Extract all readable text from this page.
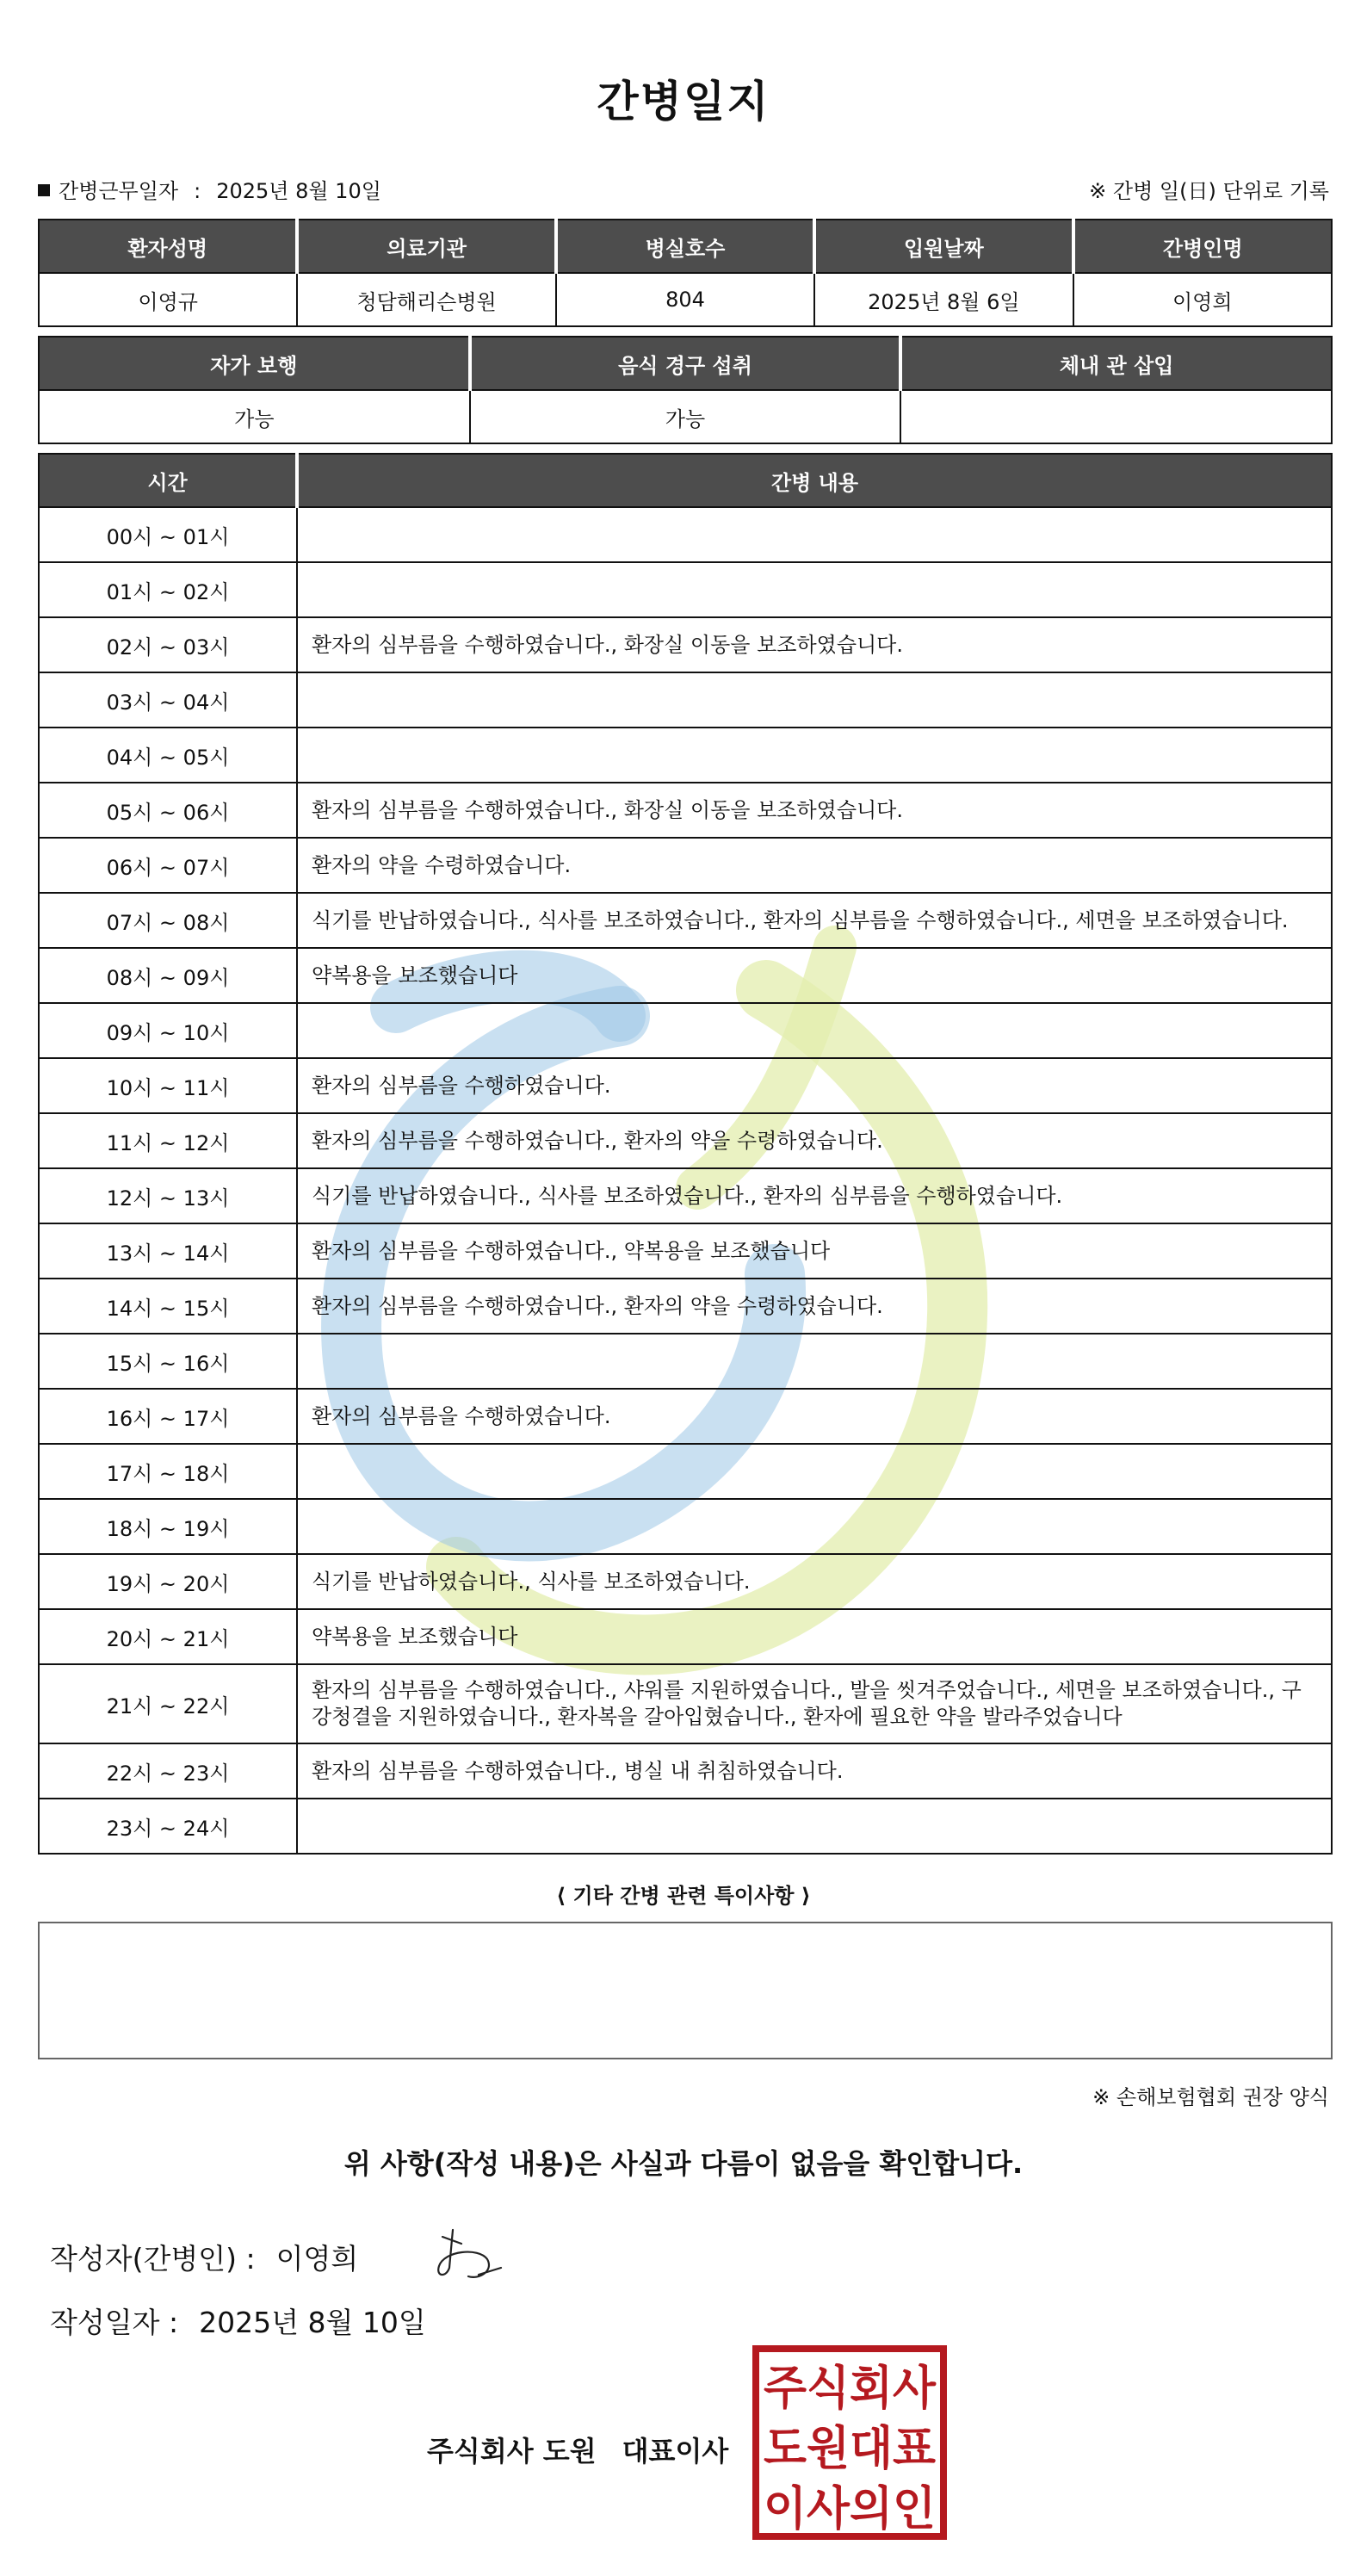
간병일지
간병근무일자 : 2025년 8월 10일	※ 간병 일(日) 단위로 기록
환자성명	의료기관	병실호수	입원날짜	간병인명
이영규	청담해리슨병원	804	2025년 8월 6일	이영희
자가 보행	음식 경구 섭취	체내 관 삽입
가능	가능	
시간	간병 내용
00시 ~ 01시	
01시 ~ 02시	
02시 ~ 03시	환자의 심부름을 수행하였습니다., 화장실 이동을 보조하였습니다.
03시 ~ 04시	
04시 ~ 05시	
05시 ~ 06시	환자의 심부름을 수행하였습니다., 화장실 이동을 보조하였습니다.
06시 ~ 07시	환자의 약을 수령하였습니다.
07시 ~ 08시	식기를 반납하였습니다., 식사를 보조하였습니다., 환자의 심부름을 수행하였습니다., 세면을 보조하였습니다.
08시 ~ 09시	약복용을 보조했습니다
09시 ~ 10시	
10시 ~ 11시	환자의 심부름을 수행하였습니다.
11시 ~ 12시	환자의 심부름을 수행하였습니다., 환자의 약을 수령하였습니다.
12시 ~ 13시	식기를 반납하였습니다., 식사를 보조하였습니다., 환자의 심부름을 수행하였습니다.
13시 ~ 14시	환자의 심부름을 수행하였습니다., 약복용을 보조했습니다
14시 ~ 15시	환자의 심부름을 수행하였습니다., 환자의 약을 수령하였습니다.
15시 ~ 16시	
16시 ~ 17시	환자의 심부름을 수행하였습니다.
17시 ~ 18시	
18시 ~ 19시	
19시 ~ 20시	식기를 반납하였습니다., 식사를 보조하였습니다.
20시 ~ 21시	약복용을 보조했습니다
21시 ~ 22시	환자의 심부름을 수행하였습니다., 샤워를 지원하였습니다., 발을 씻겨주었습니다., 세면을 보조하였습니다., 구강청결을 지원하였습니다., 환자복을 갈아입혔습니다., 환자에 필요한 약을 발라주었습니다
22시 ~ 23시	환자의 심부름을 수행하였습니다., 병실 내 취침하였습니다.
23시 ~ 24시	
⟨ 기타 간병 관련 특이사항 ⟩
※ 손해보험협회 권장 양식
위 사항(작성 내용)은 사실과 다름이 없음을 확인합니다.
작성자(간병인) : 이영희
작성일자 : 2025년 8월 10일
주식회사 도원 대표이사
주식회사
도원대표
이사의인
